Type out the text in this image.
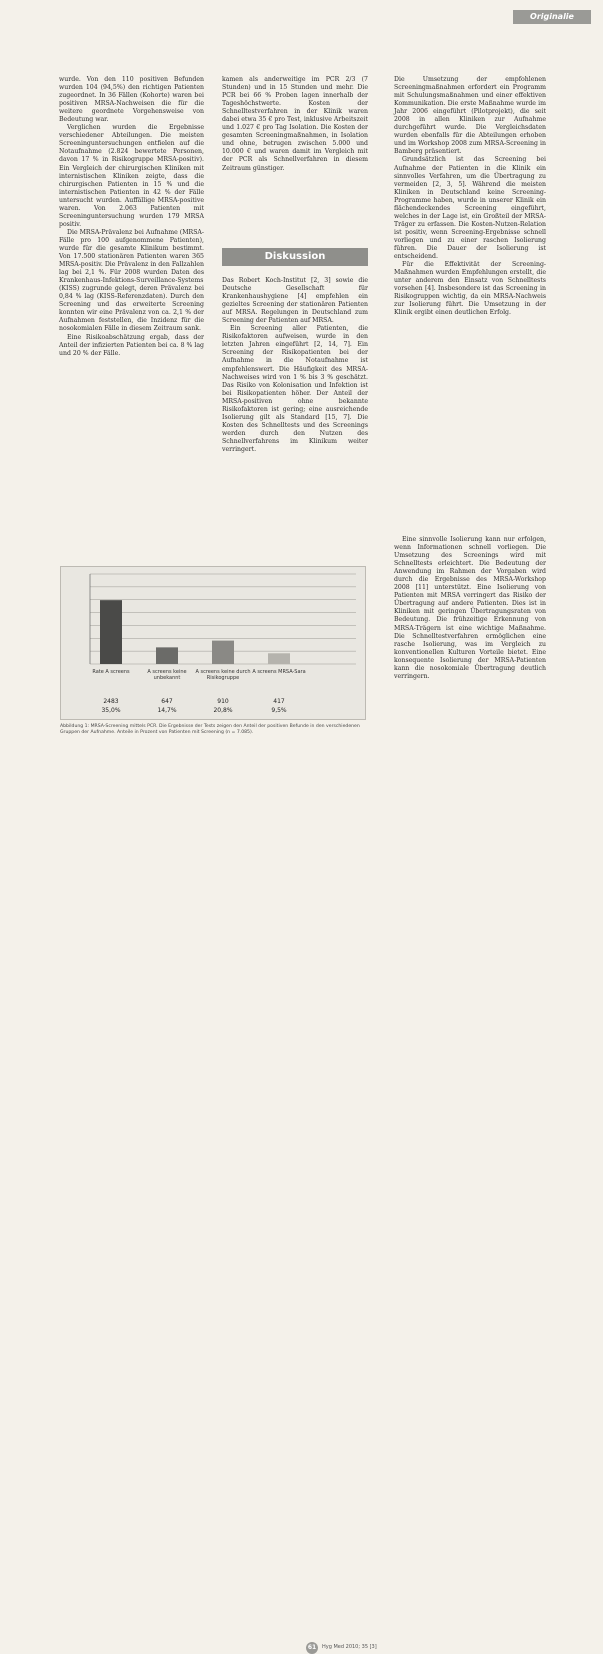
Originalie

wurde. Von den 110 positiven Befunden wurden 104 (94,5%) den richtigen Patienten zugeordnet. In 36 Fällen (Kohorte) waren bei positiven MRSA-Nachweisen die für die weitere geordnete Vorgehensweise von Bedeutung war.

Verglichen wurden die Ergebnisse verschiedener Abteilungen. Die meisten Screeninguntersuchungen entfielen auf die Notaufnahme (2.824 bewertete Personen, davon 17 % in Risikogruppe MRSA-positiv). Ein Vergleich der chirurgischen Kliniken mit internistischen Kliniken zeigte, dass die chirurgischen Patienten in 15 % und die internistischen Patienten in 42 % der Fälle untersucht wurden. Auffällige MRSA-positive waren. Von 2.063 Patienten mit Screeninguntersuchung wurden 179 MRSA positiv.

Die MRSA-Prävalenz bei Aufnahme (MRSA-Fälle pro 100 aufgenommene Patienten), wurde für die gesamte Klinikum bestimmt. Von 17.500 stationären Patienten waren 365 MRSA-positiv. Die Prävalenz in den Fallzahlen lag bei 2,1 %. Für 2008 wurden Daten des Krankenhaus-Infektions-Surveillance-Systems (KISS) zugrunde gelegt, deren Prävalenz bei 0,84 % lag (KISS-Referenzdaten). Durch den Screening und das erweiterte Screening konnten wir eine Prävalenz von ca. 2,1 % der Aufnahmen feststellen, die Inzidenz für die nosokomialen Fälle in diesem Zeitraum sank.

Eine Risikoabschätzung ergab, dass der Anteil der infizierten Patienten bei ca. 8 % lag und 20 % der Fälle.

kamen als anderweitige im PCR 2/3 (7 Stunden) und in 15 Stunden und mehr. Die PCR bei 66 % Proben lagen innerhalb der Tageshöchstwerte. Kosten der Schnelltestverfahren in der Klinik waren dabei etwa 35 € pro Test, inklusive Arbeitszeit und 1.027 € pro Tag Isolation. Die Kosten der gesamten Screeningmaßnahmen, in Isolation und ohne, betrugen zwischen 5.000 und 10.000 € und waren damit im Vergleich mit der PCR als Schnellverfahren in diesem Zeitraum günstiger.

Diskussion

Das Robert Koch-Institut [2, 3] sowie die Deutsche Gesellschaft für Krankenhaushygiene [4] empfehlen ein gezieltes Screening der stationären Patienten auf MRSA. Regelungen in Deutschland zum Screening der Patienten auf MRSA.

Ein Screening aller Patienten, die Risikofaktoren aufweisen, wurde in den letzten Jahren eingeführt [2, 14, 7]. Ein Screening der Risikopatienten bei der Aufnahme in die Notaufnahme ist empfehlenswert. Die Häufigkeit des MRSA-Nachweises wird von 1 % bis 3 % geschätzt. Das Risiko von Kolonisation und Infektion ist bei Risikopatienten höher. Der Anteil der MRSA-positiven ohne bekannte Risikofaktoren ist gering; eine ausreichende Isolierung gilt als Standard [15, 7]. Die Kosten des Schnelltests und des Screenings werden durch den Nutzen des Schnellverfahrens im Klinikum weiter verringert.

Die Umsetzung der empfohlenen Screeningmaßnahmen erfordert ein Programm mit Schulungsmaßnahmen und einer effektiven Kommunikation. Die erste Maßnahme wurde im Jahr 2006 eingeführt (Pilotprojekt), die seit 2008 in allen Kliniken zur Aufnahme durchgeführt wurde. Die Vergleichsdaten wurden ebenfalls für die Abteilungen erhoben und im Workshop 2008 zum MRSA-Screening in Bamberg präsentiert.

Grundsätzlich ist das Screening bei Aufnahme der Patienten in die Klinik ein sinnvolles Verfahren, um die Übertragung zu vermeiden [2, 3, 5]. Während die meisten Kliniken in Deutschland keine Screening-Programme haben, wurde in unserer Klinik ein flächendeckendes Screening eingeführt, welches in der Lage ist, ein Großteil der MRSA-Träger zu erfassen. Die Kosten-Nutzen-Relation ist positiv, wenn Screening-Ergebnisse schnell vorliegen und zu einer raschen Isolierung führen. Die Dauer der Isolierung ist entscheidend.

Für die Effektivität der Screening-Maßnahmen wurden Empfehlungen erstellt, die unter anderem den Einsatz von Schnelltests vorsehen [4]. Insbesondere ist das Screening in Risikogruppen wichtig, da ein MRSA-Nachweis zur Isolierung führt. Die Umsetzung in der Klinik ergibt einen deutlichen Erfolg.

Eine sinnvolle Isolierung kann nur erfolgen, wenn Informationen schnell vorliegen. Die Umsetzung des Screenings wird mit Schnelltests erleichtert. Die Bedeutung der Anwendung im Rahmen der Vorgaben wird durch die Ergebnisse des MRSA-Workshop 2008 [11] unterstützt. Eine Isolierung von Patienten mit MRSA verringert das Risiko der Übertragung auf andere Patienten. Dies ist in Kliniken mit geringen Übertragungsraten von Bedeutung. Die frühzeitige Erkennung von MRSA-Trägern ist eine wichtige Maßnahme. Die Schnelltestverfahren ermöglichen eine rasche Isolierung, was im Vergleich zu konventionellen Kulturen Vorteile bietet. Eine konsequente Isolierung der MRSA-Patienten kann die nosokomiale Übertragung deutlich verringern.

Rate A screens	A screens keine unbekannt
A screens keine durch Risikogruppe
A screens MRSA-Sara
2483
35,0%
647
14,7%
910
20,8%
417
9,5%
Abbildung 1: MRSA-Screening mittels PCR. Die Ergebnisse der Tests zeigen den Anteil der positiven Befunde in den verschiedenen Gruppen der Aufnahme. Anteile in Prozent von Patienten mit Screening (n = 7.085).
61	Hyg Med 2010; 35 [3]
